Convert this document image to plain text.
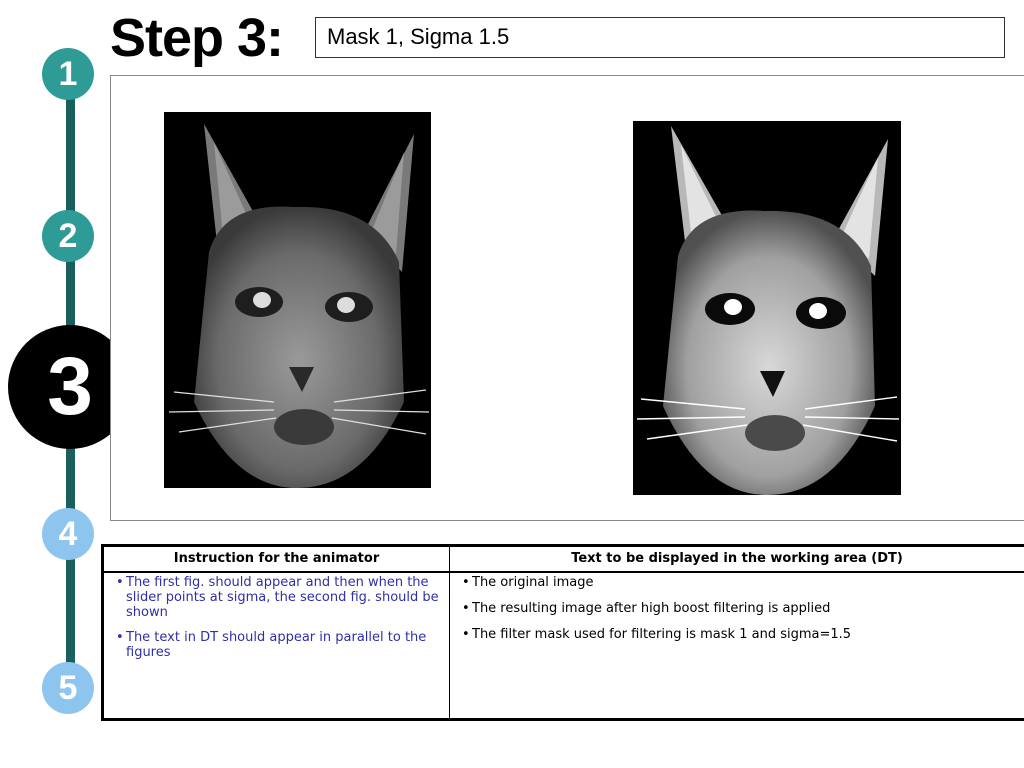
Step 3: Mask 1, Sigma 1.5
1
2
3
4
5
Instruction for the animator
• The first fig. should appear and then when the slider points at sigma, the second fig. should be shown
• The text in DT should appear in parallel to the figures
Text to be displayed in the working area (DT)
• The original image
• The resulting image after high boost filtering is applied
• The filter mask used for filtering is mask 1 and sigma=1.5
